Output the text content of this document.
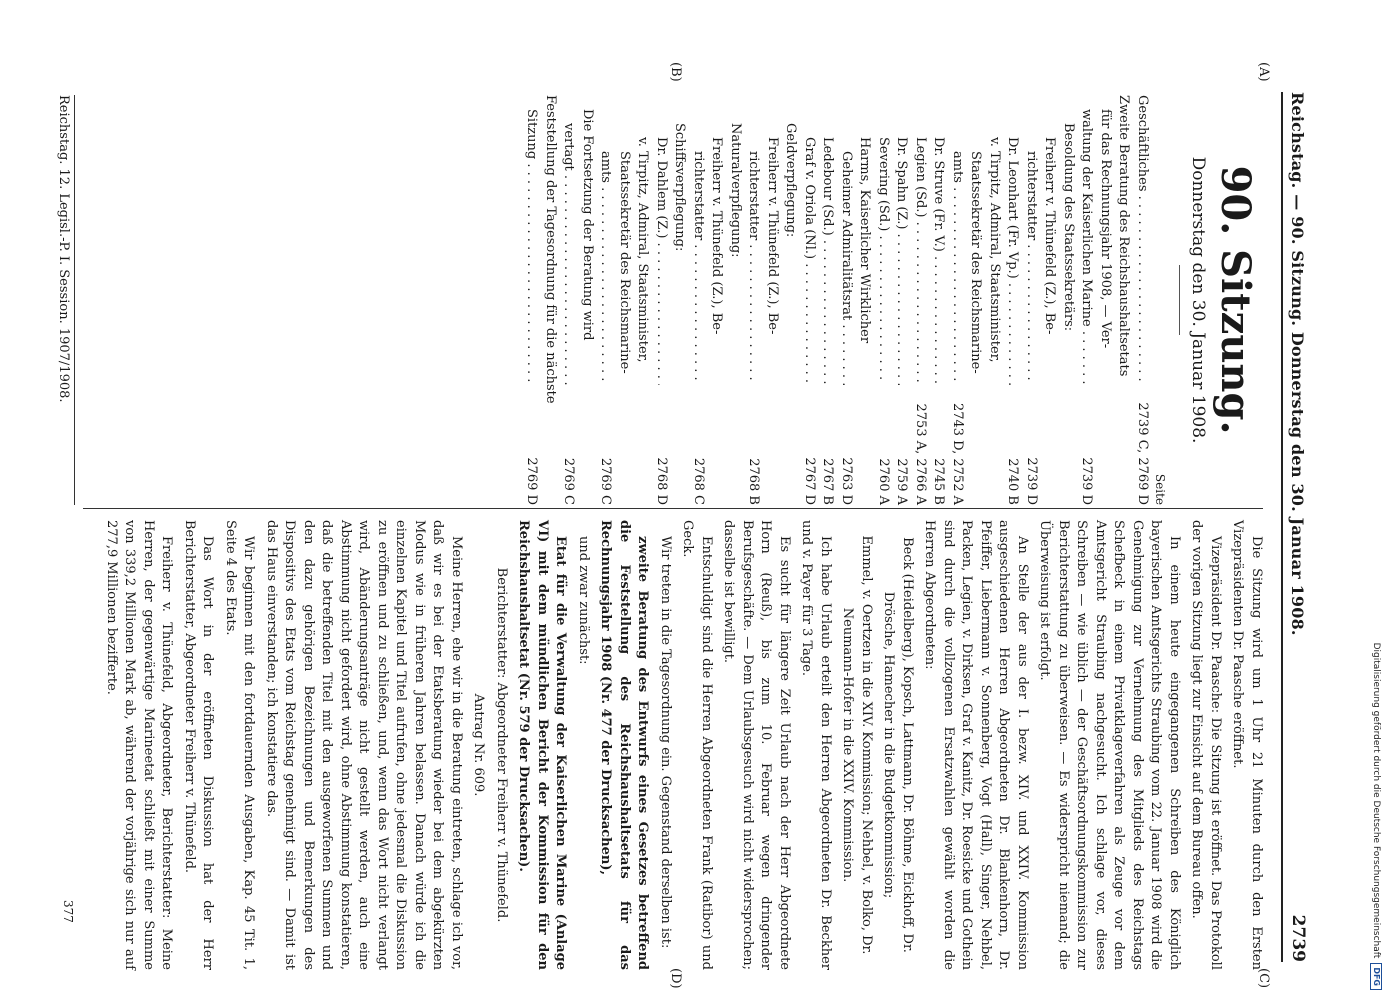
Digitalisierung gefördert durch die Deutsche Forschungsgemeinschaft
DFG
Reichstag. — 90. Sitzung. Donnerstag den 30. Januar 1908.
2739
(A)
(B)
(C)
(D)
90. Sitzung.
Donnerstag den 30. Januar 1908.
Seite
Geschäftliches . . .
2739 C, 2769 D
Zweite Beratung des Reichshaushaltsetats
für das Rechnungsjahr 1908, — Ver-
waltung der Kaiserlichen Marine . . .
2739 D
Besoldung des Staatssekretärs:
Freiherr v. Thünefeld (Z.), Be-
richterstatter . . .
2739 D
Dr. Leonhart (Fr. Vp.) . . .
2740 B
v. Tirpitz, Admiral, Staatsminister,
Staatssekretär des Reichsmarine-
amts . . .
2743 D, 2752 A
Dr. Struve (Fr. V.) . . .
2745 B
Legien (Sd.) . . .
2753 A, 2766 A
Dr. Spahn (Z.) . . .
2759 A
Severing (Sd.) . . .
2760 A
Harms, Kaiserlicher Wirklicher
Geheimer Admiralitätsrat . . .
2763 D
Ledebour (Sd.) . . .
2767 B
Graf v. Oriola (Nl.) . . .
2767 D
Geldverpflegung:
Freiherr v. Thünefeld (Z.), Be-
richterstatter . . .
2768 B
Naturalverpflegung:
Freiherr v. Thünefeld (Z.), Be-
richterstatter . . .
2768 C
Schiffsverpflegung:
Dr. Dahlem (Z.) . . .
2768 D
v. Tirpitz, Admiral, Staatsminister,
Staatssekretär des Reichsmarine-
amts . . .
2769 C
Die Fortsetzung der Beratung wird
vertagt . . .
2769 C
Feststellung der Tagesordnung für die nächste
Sitzung . . .
2769 D

Die Sitzung wird um 1 Uhr 21 Minuten durch den Ersten Vizepräsidenten Dr. Paasche eröffnet.

Vizepräsident Dr. Paasche: Die Sitzung ist eröffnet. Das Protokoll der vorigen Sitzung liegt zur Einsicht auf dem Bureau offen.

In einem heute eingegangenen Schreiben des Königlich bayerischen Amtsgerichts Straubing vom 22. Januar 1908 wird die Genehmigung zur Vernehmung des Mitglieds des Reichstags Schefbeck in einem Privatklageverfahren als Zeuge vor dem Amtsgericht Straubing nachgesucht. Ich schlage vor, dieses Schreiben — wie üblich — der Geschäftsordnungskommission zur Berichterstattung zu überweisen. — Es widerspricht niemand; die Überweisung ist erfolgt.

An Stelle der aus der I. bezw. XIV. und XXIV. Kommission ausgeschiedenen Herren Abgeordneten Dr. Blankenhorn, Dr. Pfeiffer, Liebermann v. Sonnenberg, Vogt (Hall), Singer, Nehbel, Packen, Legien, v. Dirksen, Graf v. Kanitz, Dr. Roesicke und Gothein sind durch die vollzogenen Ersatzwahlen gewählt worden die Herren Abgeordneten:

Beck (Heidelberg), Kopsch, Lattmann, Dr. Böhme, Eickhoff, Dr. Drösche, Hamecher in die Budgetkommission;

Emmel, v. Oertzen in die XIV. Kommission; Nehbel, v. Bolko, Dr. Neumann-Hofer in die XXIV. Kommission.

Ich habe Urlaub erteilt den Herren Abgeordneten Dr. Beckher und v. Payer für 3 Tage.

Es sucht für längere Zeit Urlaub nach der Herr Abgeordnete Horn (Reuß), bis zum 10. Februar wegen dringender Berufsgeschäfte. — Dem Urlaubsgesuch wird nicht widersprochen; dasselbe ist bewilligt.

Entschuldigt sind die Herren Abgeordneten Frank (Ratibor) und Geck.

Wir treten in die Tagesordnung ein. Gegenstand derselben ist:

zweite Beratung des Entwurfs eines Gesetzes betreffend die Feststellung des Reichshaushaltsetats für das Rechnungsjahr 1908 (Nr. 477 der Drucksachen),

und zwar zunächst:

Etat für die Verwaltung der Kaiserlichen Marine (Anlage VI) mit dem mündlichen Bericht der Kommission für den Reichshaushaltsetat (Nr. 579 der Drucksachen).

Berichterstatter: Abgeordneter Freiherr v. Thünefeld.

Antrag Nr. 609.

Meine Herren, ehe wir in die Beratung eintreten, schlage ich vor, daß wir es bei der Etatsberatung wieder bei dem abgekürzten Modus wie in früheren Jahren belassen. Danach würde ich die einzelnen Kapitel und Titel aufrufen, ohne jedesmal die Diskussion zu eröffnen und zu schließen, und, wenn das Wort nicht verlangt wird, Abänderungsanträge nicht gestellt werden, auch eine Abstimmung nicht gefordert wird, ohne Abstimmung konstatieren, daß die betreffenden Titel mit den ausgeworfenen Summen und den dazu gehörigen Bezeichnungen und Bemerkungen des Dispositivs des Etats vom Reichstag genehmigt sind. — Damit ist das Haus einverstanden; ich konstatiere das.

Wir beginnen mit den fortdauernden Ausgaben, Kap. 45 Tit. 1, Seite 4 des Etats.

Das Wort in der eröffneten Diskussion hat der Herr Berichterstatter, Abgeordneter Freiherr v. Thünefeld.

Freiherr v. Thünefeld, Abgeordneter, Berichterstatter: Meine Herren, der gegenwärtige Marineetat schließt mit einer Summe von 339,2 Millionen Mark ab, während der vorjährige sich nur auf 277,9 Millionen bezifferte.

Reichstag. 12. Legisl.-P. I. Session. 1907/1908.
377
